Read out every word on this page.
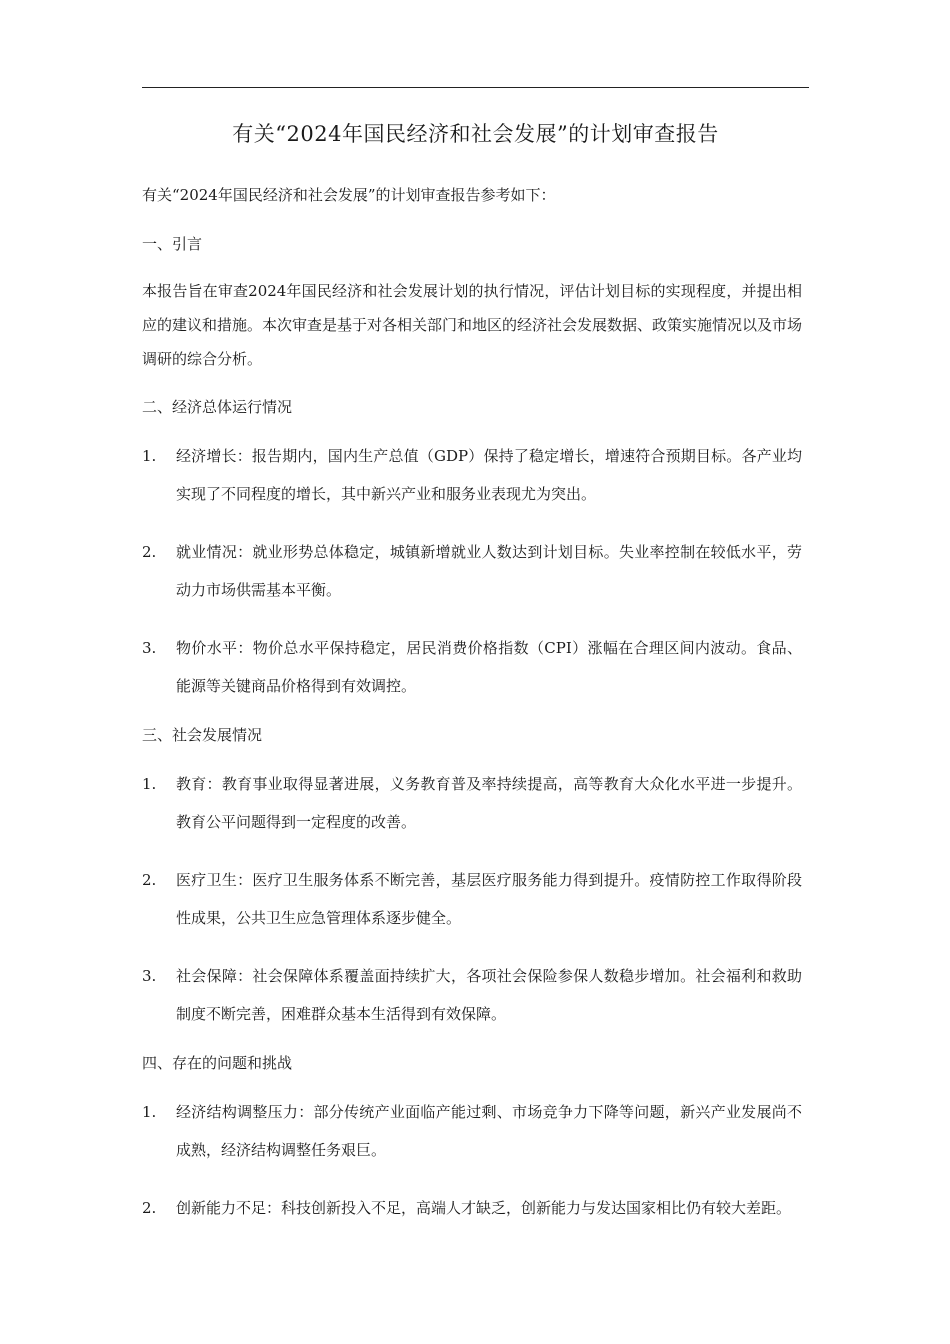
有关“2024年国民经济和社会发展”的计划审查报告

有关“2024年国民经济和社会发展”的计划审查报告参考如下：

一、引言

本报告旨在审查2024年国民经济和社会发展计划的执行情况，评估计划目标的实现程度，并提出相应的建议和措施。本次审查是基于对各相关部门和地区的经济社会发展数据、政策实施情况以及市场调研的综合分析。

二、经济总体运行情况

1.	经济增长：报告期内，国内生产总值（GDP）保持了稳定增长，增速符合预期目标。各产业均实现了不同程度的增长，其中新兴产业和服务业表现尤为突出。
2.	就业情况：就业形势总体稳定，城镇新增就业人数达到计划目标。失业率控制在较低水平，劳动力市场供需基本平衡。
3.	物价水平：物价总水平保持稳定，居民消费价格指数（CPI）涨幅在合理区间内波动。食品、能源等关键商品价格得到有效调控。

三、社会发展情况

1.	教育：教育事业取得显著进展，义务教育普及率持续提高，高等教育大众化水平进一步提升。教育公平问题得到一定程度的改善。
2.	医疗卫生：医疗卫生服务体系不断完善，基层医疗服务能力得到提升。疫情防控工作取得阶段性成果，公共卫生应急管理体系逐步健全。
3.	社会保障：社会保障体系覆盖面持续扩大，各项社会保险参保人数稳步增加。社会福利和救助制度不断完善，困难群众基本生活得到有效保障。

四、存在的问题和挑战

1.	经济结构调整压力：部分传统产业面临产能过剩、市场竞争力下降等问题，新兴产业发展尚不成熟，经济结构调整任务艰巨。
2.	创新能力不足：科技创新投入不足，高端人才缺乏，创新能力与发达国家相比仍有较大差距。
